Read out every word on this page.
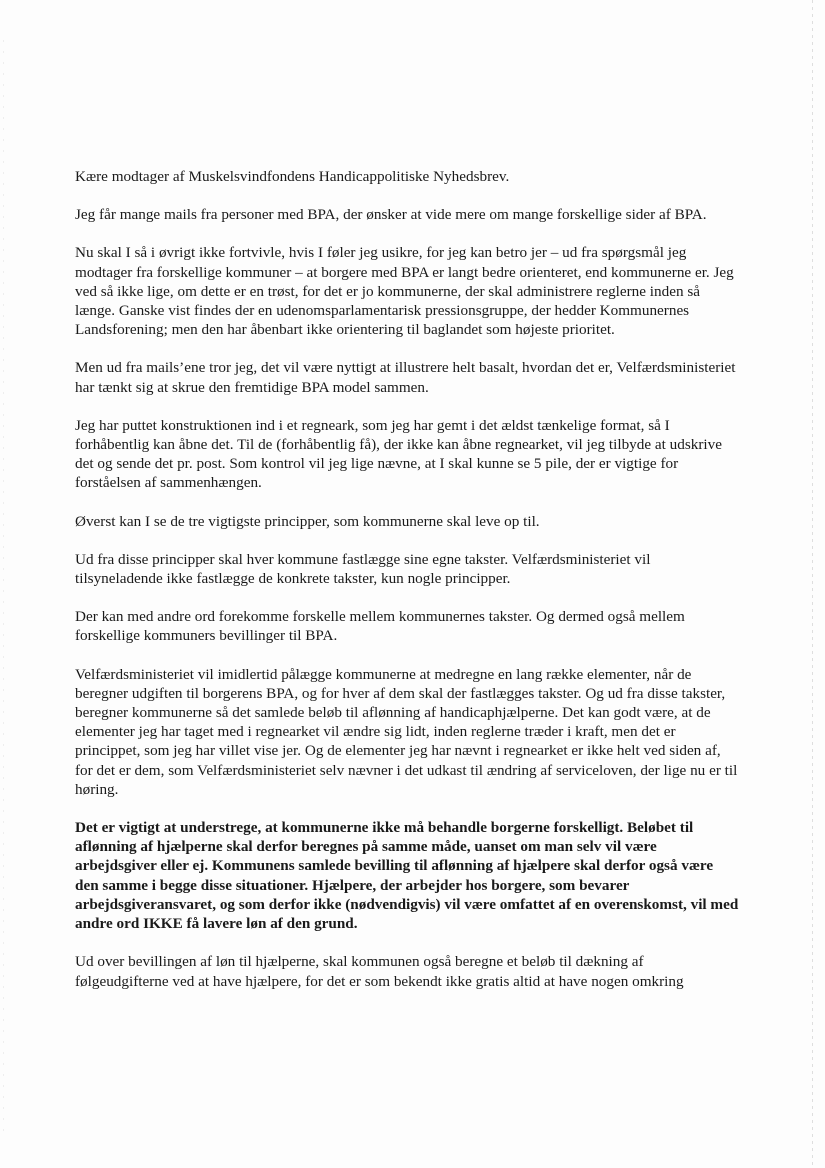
Kære modtager af Muskelsvindfondens Handicappolitiske Nyhedsbrev.

Jeg får mange mails fra personer med BPA, der ønsker at vide mere om mange forskellige sider af BPA.

Nu skal I så i øvrigt ikke fortvivle, hvis I føler jeg usikre, for jeg kan betro jer – ud fra spørgsmål jeg modtager fra forskellige kommuner – at borgere med BPA er langt bedre orienteret, end kommunerne er. Jeg ved så ikke lige, om dette er en trøst, for det er jo kommunerne, der skal administrere reglerne inden så længe. Ganske vist findes der en udenomsparlamentarisk pressionsgruppe, der hedder Kommunernes Landsforening; men den har åbenbart ikke orientering til baglandet som højeste prioritet.

Men ud fra mails’ene tror jeg, det vil være nyttigt at illustrere helt basalt, hvordan det er, Velfærdsministeriet har tænkt sig at skrue den fremtidige BPA model sammen.

Jeg har puttet konstruktionen ind i et regneark, som jeg har gemt i det ældst tænkelige format, så I forhåbentlig kan åbne det. Til de (forhåbentlig få), der ikke kan åbne regnearket, vil jeg tilbyde at udskrive det og sende det pr. post. Som kontrol vil jeg lige nævne, at I skal kunne se 5 pile, der er vigtige for forståelsen af sammenhængen.

Øverst kan I se de tre vigtigste principper, som kommunerne skal leve op til.

Ud fra disse principper skal hver kommune fastlægge sine egne takster. Velfærdsministeriet vil tilsyneladende ikke fastlægge de konkrete takster, kun nogle principper.

Der kan med andre ord forekomme forskelle mellem kommunernes takster. Og dermed også mellem forskellige kommuners bevillinger til BPA.

Velfærdsministeriet vil imidlertid pålægge kommunerne at medregne en lang række elementer, når de beregner udgiften til borgerens BPA, og for hver af dem skal der fastlægges takster. Og ud fra disse takster, beregner kommunerne så det samlede beløb til aflønning af handicaphjælperne. Det kan godt være, at de elementer jeg har taget med i regnearket vil ændre sig lidt, inden reglerne træder i kraft, men det er princippet, som jeg har villet vise jer. Og de elementer jeg har nævnt i regnearket er ikke helt ved siden af, for det er dem, som Velfærdsministeriet selv nævner i det udkast til ændring af serviceloven, der lige nu er til høring.

Det er vigtigt at understrege, at kommunerne ikke må behandle borgerne forskelligt. Beløbet til aflønning af hjælperne skal derfor beregnes på samme måde, uanset om man selv vil være arbejdsgiver eller ej. Kommunens samlede bevilling til aflønning af hjælpere skal derfor også være den samme i begge disse situationer. Hjælpere, der arbejder hos borgere, som bevarer arbejdsgiveransvaret, og som derfor ikke (nødvendigvis) vil være omfattet af en overenskomst, vil med andre ord IKKE få lavere løn af den grund.

Ud over bevillingen af løn til hjælperne, skal kommunen også beregne et beløb til dækning af følgeudgifterne ved at have hjælpere, for det er som bekendt ikke gratis altid at have nogen omkring
